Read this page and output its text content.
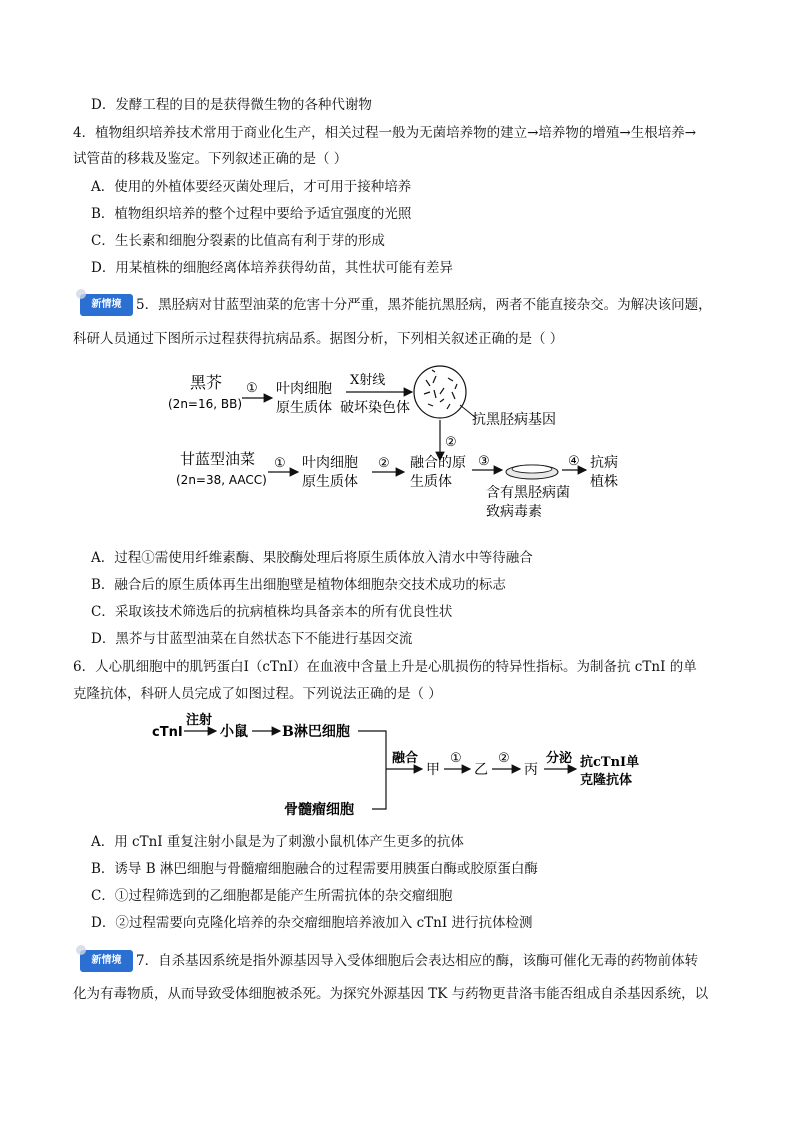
D．发酵工程的目的是获得微生物的各种代谢物
4．植物组织培养技术常用于商业化生产，相关过程一般为无菌培养物的建立→培养物的增殖→生根培养→
试管苗的移栽及鉴定。下列叙述正确的是（ ）
A．使用的外植体要经灭菌处理后，才可用于接种培养
B．植物组织培养的整个过程中要给予适宜强度的光照
C．生长素和细胞分裂素的比值高有利于芽的形成
D．用某植株的细胞经离体培养获得幼苗，其性状可能有差异
新情境	5．黑胫病对甘蓝型油菜的危害十分严重，黑芥能抗黑胫病，两者不能直接杂交。为解决该问题，
科研人员通过下图所示过程获得抗病品系。据图分析，下列相关叙述正确的是（ ）
黑芥
(2n=16, BB)
① 叶肉细胞
原生质体
X射线
破坏染色体
抗黑胫病基因
②
甘蓝型油菜
(2n=38, AACC)
① 叶肉细胞
原生质体
② 融合的原
生质体
③
含有黑胫病菌
致病毒素
④ 抗病
植株
A．过程①需使用纤维素酶、果胶酶处理后将原生质体放入清水中等待融合
B．融合后的原生质体再生出细胞壁是植物体细胞杂交技术成功的标志
C．采取该技术筛选后的抗病植株均具备亲本的所有优良性状
D．黑芥与甘蓝型油菜在自然状态下不能进行基因交流
6．人心肌细胞中的肌钙蛋白Ⅰ（cTnI）在血液中含量上升是心肌损伤的特异性指标。为制备抗 cTnI 的单
克隆抗体，科研人员完成了如图过程。下列说法正确的是（ ）
cTnI
注射
小鼠 B淋巴细胞
骨髓瘤细胞
融合
甲
①
乙
②
丙
分泌 抗cTnI单
克隆抗体
A．用 cTnI 重复注射小鼠是为了刺激小鼠机体产生更多的抗体
B．诱导 B 淋巴细胞与骨髓瘤细胞融合的过程需要用胰蛋白酶或胶原蛋白酶
C．①过程筛选到的乙细胞都是能产生所需抗体的杂交瘤细胞
D．②过程需要向克隆化培养的杂交瘤细胞培养液加入 cTnI 进行抗体检测
新情境	7．自杀基因系统是指外源基因导入受体细胞后会表达相应的酶，该酶可催化无毒的药物前体转
化为有毒物质，从而导致受体细胞被杀死。为探究外源基因 TK 与药物更昔洛韦能否组成自杀基因系统，以
